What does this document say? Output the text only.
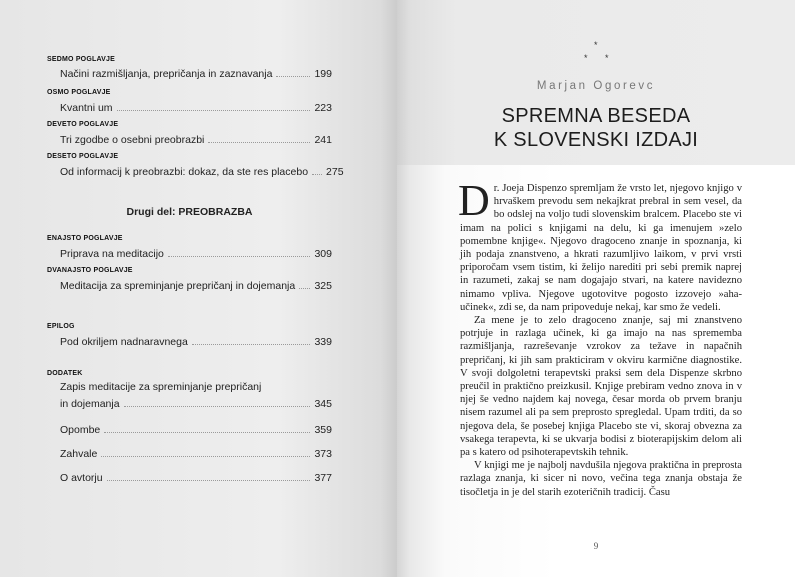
SEDMO POGLAVJE
Načini razmišljanja, prepričanja in zaznavanja	199
OSMO POGLAVJE
Kvantni um	223
DEVETO POGLAVJE
Tri zgodbe o osebni preobrazbi	241
DESETO POGLAVJE
Od informacij k preobrazbi: dokaz, da ste res placebo 275
Drugi del: PREOBRAZBA
ENAJSTO POGLAVJE
Priprava na meditacijo	309
DVANAJSTO POGLAVJE
Meditacija za spreminjanje prepričanj in dojemanja 325
EPILOG
Pod okriljem nadnaravnega	339
DODATEK
Zapis meditacije za spreminjanje prepričanj
in dojemanja	345
Opombe	359
Zahvale	373
O avtorju	377
*
* *
Marjan Ogorevc
SPREMNA BESEDA
K SLOVENSKI IZDAJI

Dr. Joeja Dispenzo spremljam že vrsto let, njegovo knjigo v hrvaškem prevodu sem nekajkrat prebral in sem vesel, da bo odslej na voljo tudi slovenskim bralcem. Placebo ste vi imam na polici s knjigami na delu, ki ga imenujem »zelo pomembne knjige«. Njegovo dragoceno znanje in spoznanja, ki jih podaja znanstveno, a hkrati razumljivo laikom, v prvi vrsti priporočam vsem tistim, ki želijo narediti pri sebi premik naprej in razumeti, zakaj se nam dogajajo stvari, na katere navidezno nimamo vpliva. Njegove ugotovitve pogosto izzovejo »aha-učinek«, zdi se, da nam pripoveduje nekaj, kar smo že vedeli.

Za mene je to zelo dragoceno znanje, saj mi znanstveno potrjuje in razlaga učinek, ki ga imajo na nas sprememba razmišljanja, razreševanje vzrokov za težave in napačnih prepričanj, ki jih sam prakticiram v okviru karmične diagnostike. V svoji dolgoletni terapevtski praksi sem dela Dispenze skrbno preučil in praktično preizkusil. Knjige prebiram vedno znova in v njej še vedno najdem kaj novega, česar morda ob prvem branju nisem razumel ali pa sem preprosto spregledal. Upam trditi, da so njegova dela, še posebej knjiga Placebo ste vi, skoraj obvezna za vsakega terapevta, ki se ukvarja bodisi z bioterapijskim delom ali pa s katero od psihoterapevtskih tehnik.

V knjigi me je najbolj navdušila njegova praktična in preprosta razlaga znanja, ki sicer ni novo, večina tega znanja obstaja že tisočletja in je del starih ezoteričnih tradicij. Času

9
